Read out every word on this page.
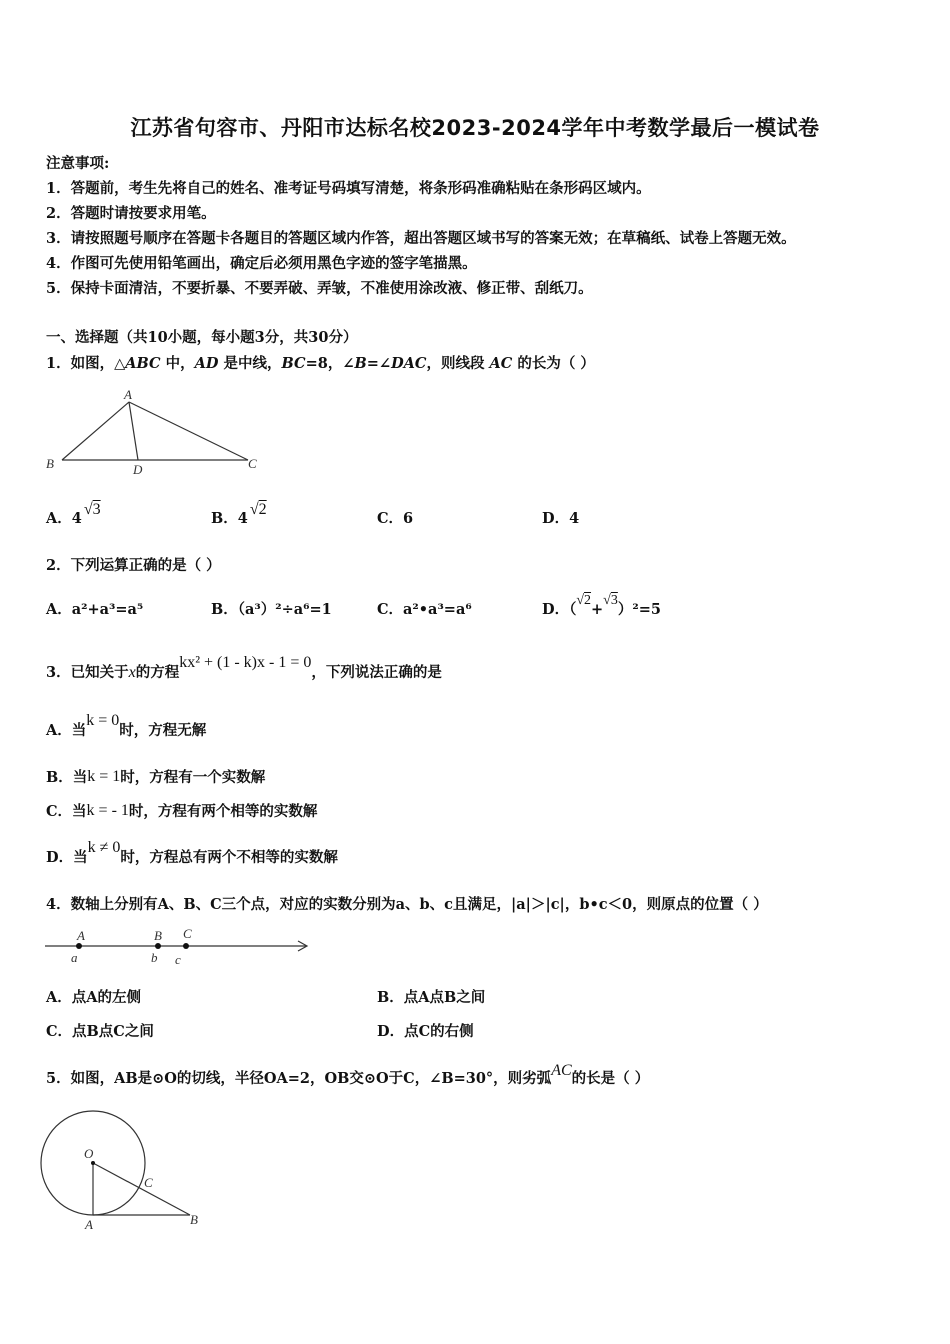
江苏省句容市、丹阳市达标名校2023-2024学年中考数学最后一模试卷
注意事项:
1．答题前，考生先将自己的姓名、准考证号码填写清楚，将条形码准确粘贴在条形码区域内。
2．答题时请按要求用笔。
3．请按照题号顺序在答题卡各题目的答题区域内作答，超出答题区域书写的答案无效；在草稿纸、试卷上答题无效。
4．作图可先使用铅笔画出，确定后必须用黑色字迹的签字笔描黑。
5．保持卡面清洁，不要折暴、不要弄破、弄皱，不准使用涂改液、修正带、刮纸刀。
一、选择题（共10小题，每小题3分，共30分）
1．如图，△ABC 中，AD 是中线，BC=8，∠B=∠DAC，则线段 AC 的长为（ ）
A
B	C
D
A．4√3
B．4√2
C．6	D．4
2．下列运算正确的是（ ）
A．a²+a³=a⁵	B．（a³）²÷a⁶=1	C．a²•a³=a⁶	D．（√2+√3）²=5
3．已知关于x的方程kx² + (1 - k)x - 1 = 0，下列说法正确的是
A．当k = 0时，方程无解
B．当k = 1时，方程有一个实数解
C．当k = - 1时，方程有两个相等的实数解
D．当k ≠ 0时，方程总有两个不相等的实数解
4．数轴上分别有A、B、C三个点，对应的实数分别为a、b、c且满足，|a|＞|c|，b•c＜0，则原点的位置（ ）
A	B C
a	b c
A．点A的左侧	B．点A点B之间
C．点B点C之间	D．点C的右侧
5．如图，AB是⊙O的切线，半径OA=2，OB交⊙O于C，∠B=30°，则劣弧AC的长是（ ）
O
A	B
C
